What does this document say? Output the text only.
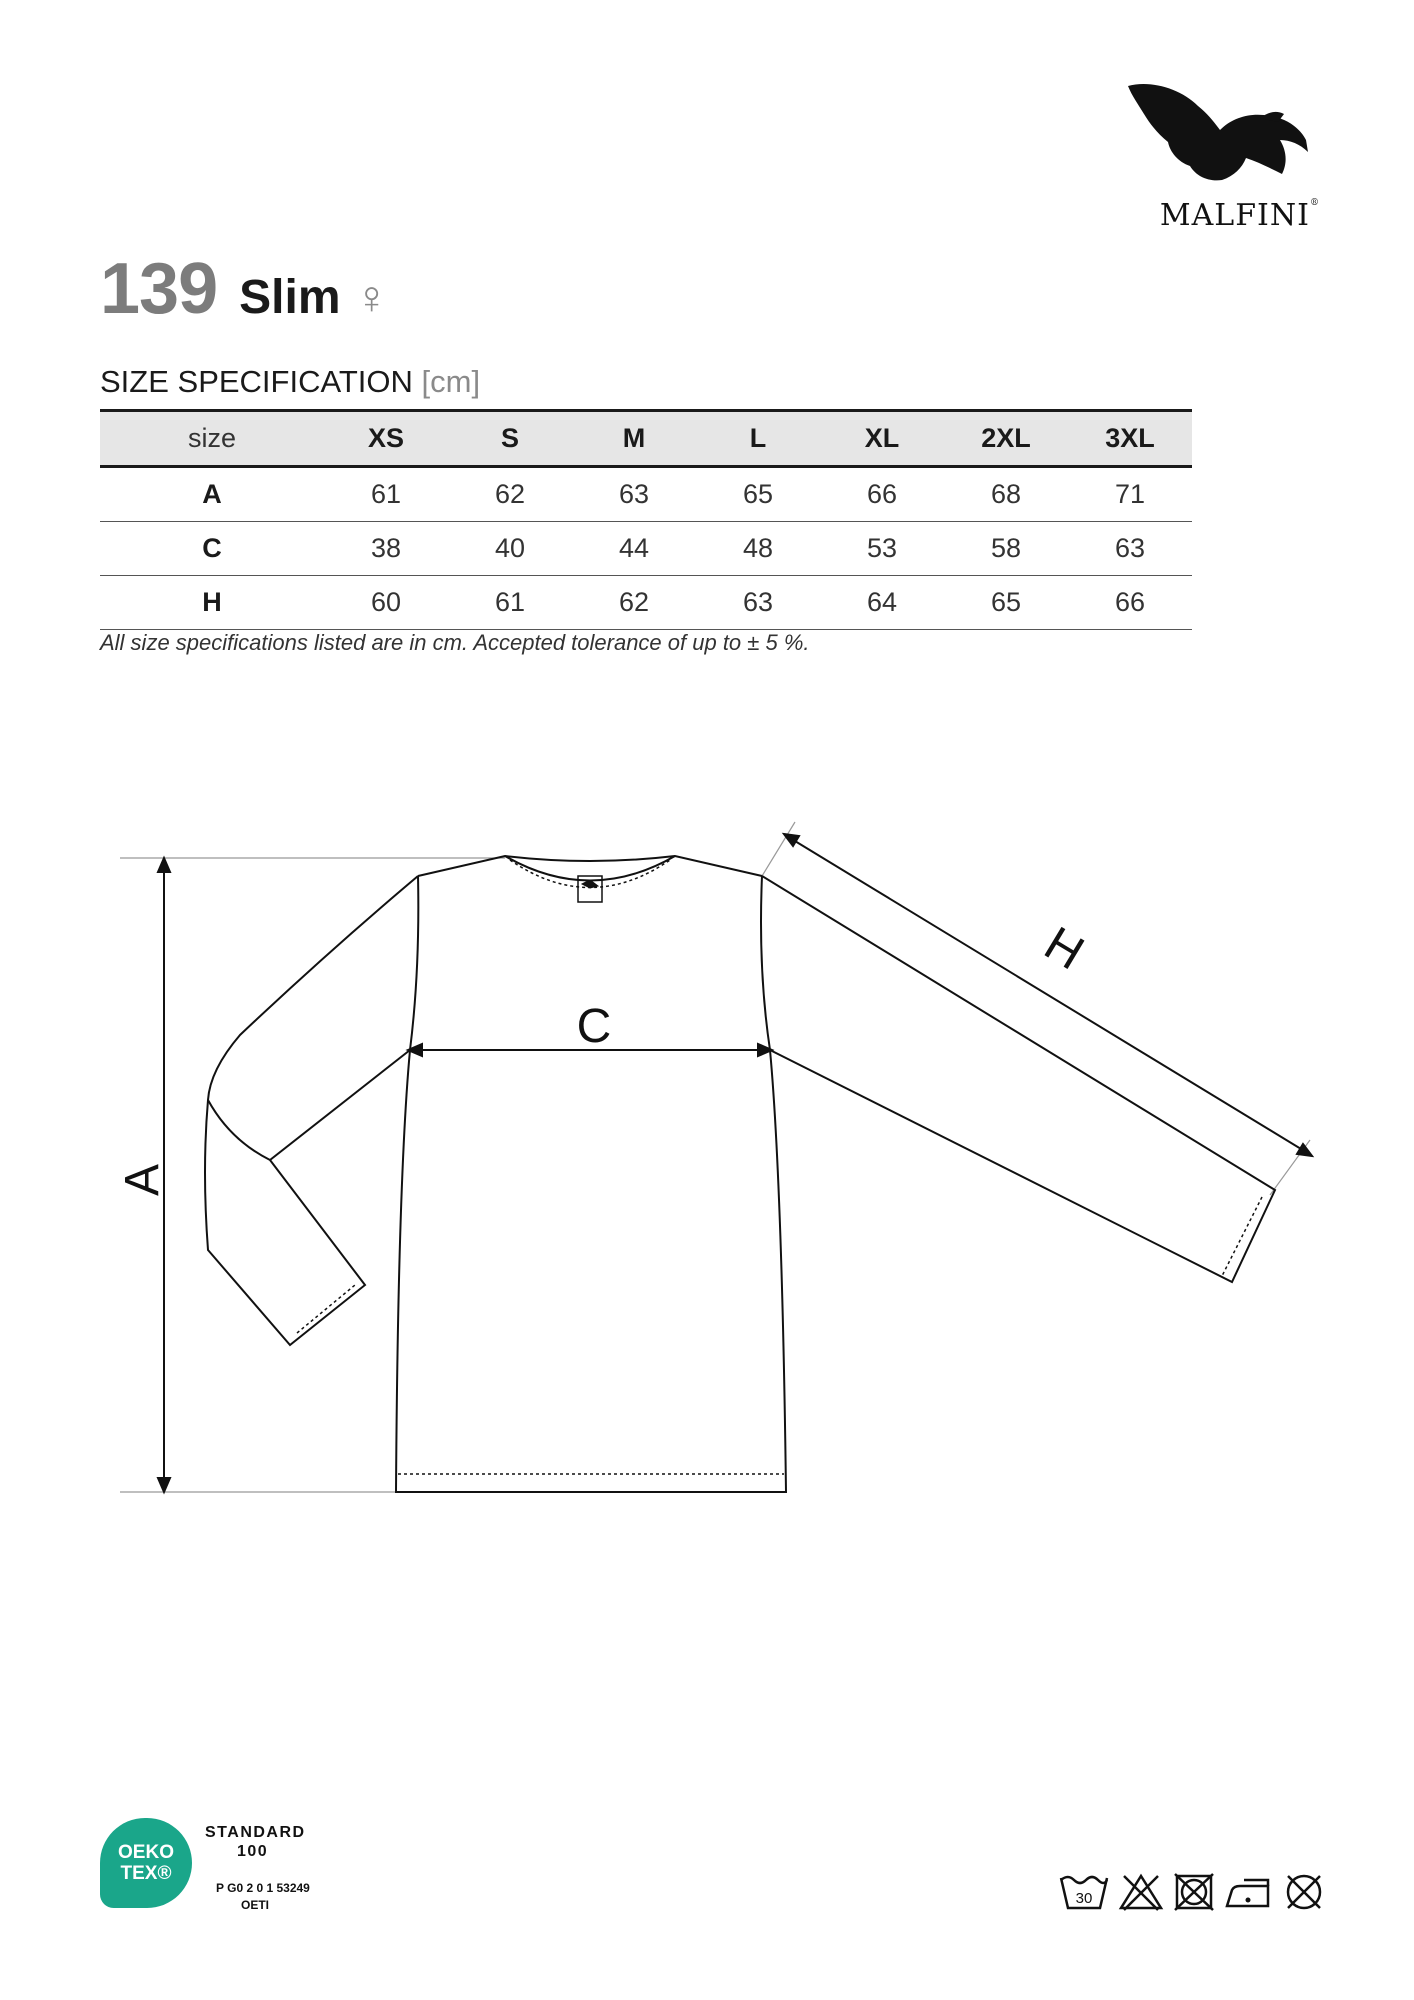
MALFINI®
139 Slim ♀
SIZE SPECIFICATION [cm]
size	XS	S	M	L	XL	2XL	3XL
A	61	62	63	65	66	68	71
C	38	40	44	48	53	58	63
H	60	61	62	63	64	65	66
All size specifications listed are in cm. Accepted tolerance of up to ± 5 %.
A
C
H
OEKO
TEX®
STANDARD
100
P G0 2 0 1 53249
OETI	30
